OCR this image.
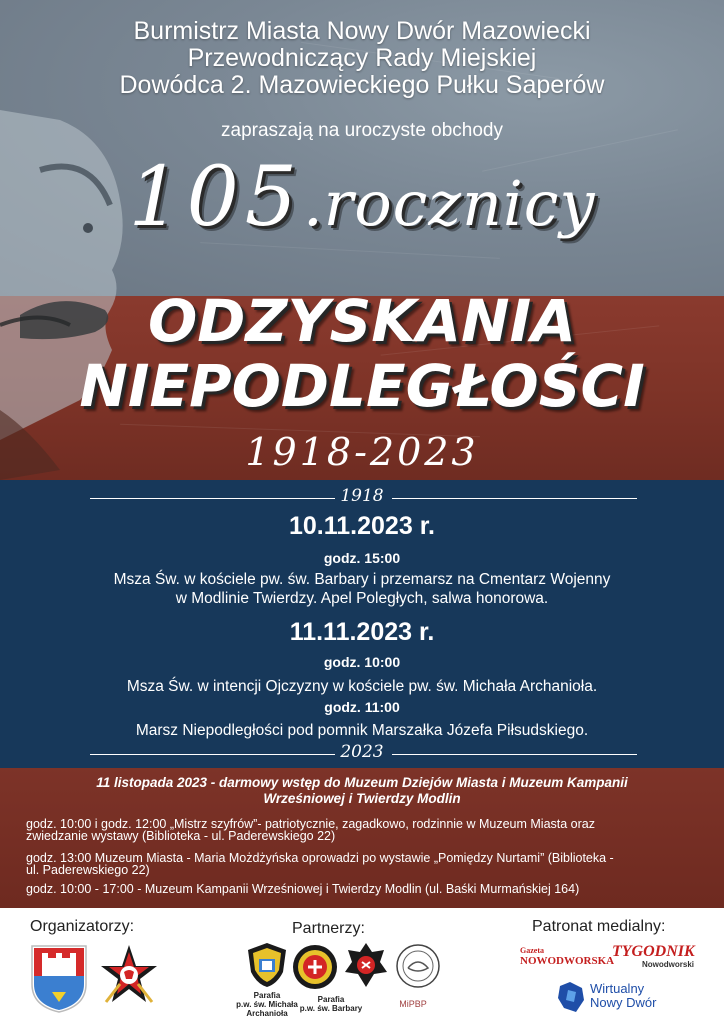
Burmistrz Miasta Nowy Dwór Mazowiecki
Przewodniczący Rady Miejskiej
Dowódca 2. Mazowieckiego Pułku Saperów
zapraszają na uroczyste obchody
105.rocznicy
ODZYSKANIA
NIEPODLEGŁOŚCI
1918-2023
1918
10.11.2023 r.
godz. 15:00
Msza Św. w kościele pw. św. Barbary i przemarsz na Cmentarz Wojenny
w Modlinie Twierdzy. Apel Poległych, salwa honorowa.
11.11.2023 r.
godz. 10:00
Msza Św. w intencji Ojczyzny w kościele pw. św. Michała Archanioła.
godz. 11:00
Marsz Niepodległości pod pomnik Marszałka Józefa Piłsudskiego.
2023
11 listopada 2023 - darmowy wstęp do Muzeum Dziejów Miasta i Muzeum Kampanii
Wrześniowej i Twierdzy Modlin
godz. 10:00 i godz. 12:00 „Mistrz szyfrów”- patriotycznie, zagadkowo, rodzinnie w Muzeum Miasta oraz
zwiedzanie wystawy (Biblioteka - ul. Paderewskiego 22)
godz. 13:00 Muzeum Miasta - Maria Możdżyńska oprowadzi po wystawie „Pomiędzy Nurtami” (Biblioteka -
ul. Paderewskiego 22)
godz. 10:00 - 17:00 - Muzeum Kampanii Wrześniowej i Twierdzy Modlin (ul. Baśki Murmańskiej 164)
Organizatorzy:	Partnerzy:	Patronat medialny:
Parafia
p.w. św. Michała
Archanioła
Parafia
p.w. św. Barbary	MiPBP
Gazeta
NOWODWORSKA
TYGODNIK
Nowodworski
Wirtualny
Nowy Dwór
